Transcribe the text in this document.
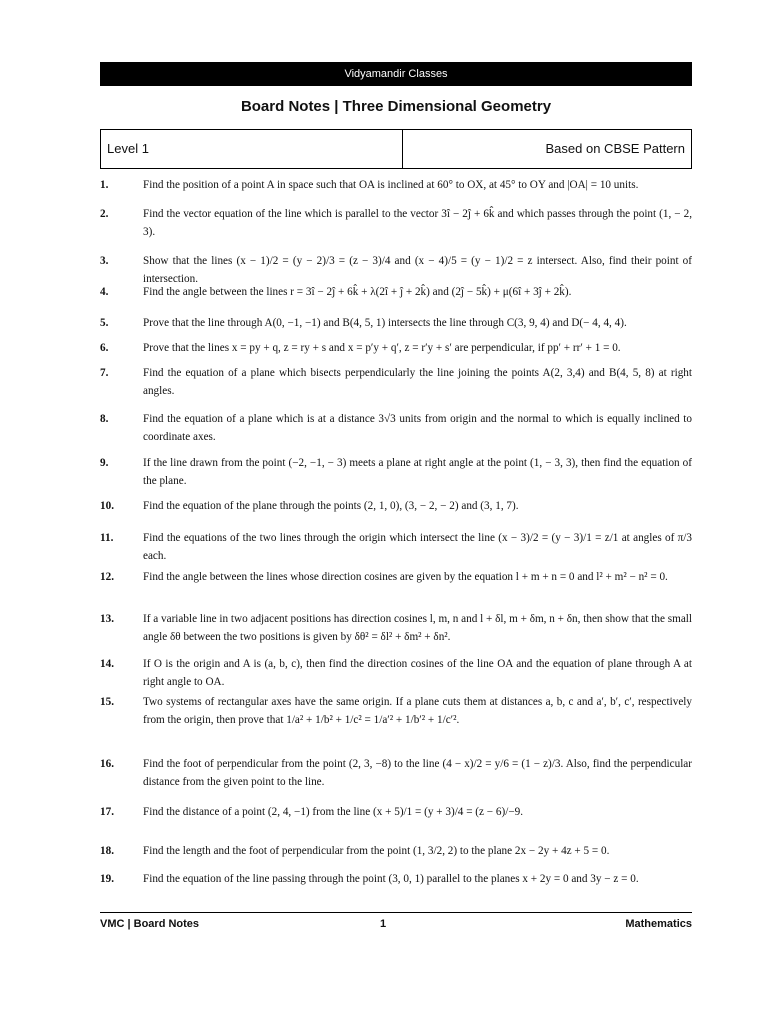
Vidyamandir Classes
Board Notes | Three Dimensional Geometry
Level 1	Based on CBSE Pattern
1.	Find the position of a point A in space such that OA is inclined at 60° to OX, at 45° to OY and |OA| = 10 units.
2.	Find the vector equation of the line which is parallel to the vector 3î − 2ĵ + 6k̂ and which passes through the point (1, − 2, 3).
3.	Show that the lines (x − 1)/2 = (y − 2)/3 = (z − 3)/4 and (x − 4)/5 = (y − 1)/2 = z intersect. Also, find their point of intersection.
4.	Find the angle between the lines r = 3î − 2ĵ + 6k̂ + λ(2î + ĵ + 2k̂) and (2ĵ − 5k̂) + μ(6î + 3ĵ + 2k̂).
5.	Prove that the line through A(0, −1, −1) and B(4, 5, 1) intersects the line through C(3, 9, 4) and D(− 4, 4, 4).
6.	Prove that the lines x = py + q, z = ry + s and x = p′y + q′, z = r′y + s′ are perpendicular, if pp′ + rr′ + 1 = 0.
7.	Find the equation of a plane which bisects perpendicularly the line joining the points A(2, 3,4) and B(4, 5, 8) at right angles.
8.	Find the equation of a plane which is at a distance 3√3 units from origin and the normal to which is equally inclined to coordinate axes.
9.	If the line drawn from the point (−2, −1, − 3) meets a plane at right angle at the point (1, − 3, 3), then find the equation of the plane.
10.	Find the equation of the plane through the points (2, 1, 0), (3, − 2, − 2) and (3, 1, 7).
11.	Find the equations of the two lines through the origin which intersect the line (x − 3)/2 = (y − 3)/1 = z/1 at angles of π/3 each.
12.	Find the angle between the lines whose direction cosines are given by the equation l + m + n = 0 and l² + m² − n² = 0.
13.	If a variable line in two adjacent positions has direction cosines l, m, n and l + δl, m + δm, n + δn, then show that the small angle δθ between the two positions is given by δθ² = δl² + δm² + δn².
14.	If O is the origin and A is (a, b, c), then find the direction cosines of the line OA and the equation of plane through A at right angle to OA.
15.	Two systems of rectangular axes have the same origin. If a plane cuts them at distances a, b, c and a′, b′, c′, respectively from the origin, then prove that 1/a² + 1/b² + 1/c² = 1/a′² + 1/b′² + 1/c′².
16.	Find the foot of perpendicular from the point (2, 3, −8) to the line (4 − x)/2 = y/6 = (1 − z)/3. Also, find the perpendicular distance from the given point to the line.
17.	Find the distance of a point (2, 4, −1) from the line (x + 5)/1 = (y + 3)/4 = (z − 6)/−9.
18.	Find the length and the foot of perpendicular from the point (1, 3/2, 2) to the plane 2x − 2y + 4z + 5 = 0.
19.	Find the equation of the line passing through the point (3, 0, 1) parallel to the planes x + 2y = 0 and 3y − z = 0.
VMC | Board Notes	1	Mathematics
